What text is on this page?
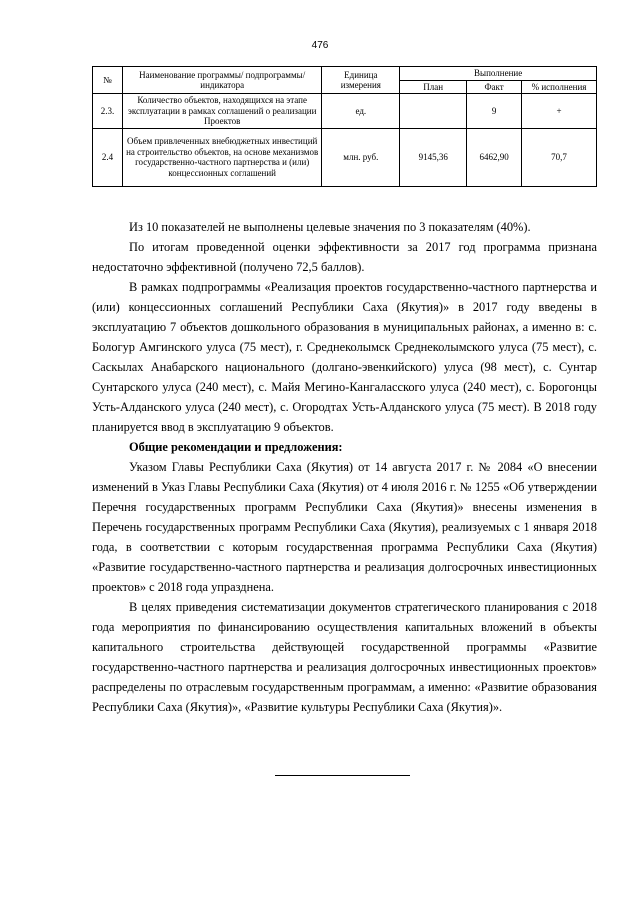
476
№	Наименование программы/ подпрограммы/индикатора	Единица измерения	Выполнение		
			План	Факт	% исполнения
2.3.	Количество объектов, находящихся на этапе эксплуатации в рамках соглашений о реализации Проектов	ед.		9	+
2.4	Объем привлеченных внебюджетных инвестиций на строительство объектов, на основе механизмов государственно-частного партнерства и (или) концессионных соглашений	млн. руб.	9145,36	6462,90	70,7

Из 10 показателей не выполнены целевые значения по 3 показателям (40%).

По итогам проведенной оценки эффективности за 2017 год программа признана недостаточно эффективной (получено 72,5 баллов).

В рамках подпрограммы «Реализация проектов государственно-частного партнерства и (или) концессионных соглашений Республики Саха (Якутия)» в 2017 году введены в эксплуатацию 7 объектов дошкольного образования в муниципальных районах, а именно в: с. Бологур Амгинского улуса (75 мест), г. Среднеколымск Среднеколымского улуса (75 мест), с. Саскылах Анабарского национального (долгано-эвенкийского) улуса (98 мест), с. Сунтар Сунтарского улуса (240 мест), с. Майя Мегино-Кангаласского улуса (240 мест), с. Борогонцы Усть-Алданского улуса (240 мест), с. Огородтах Усть-Алданского улуса (75 мест). В 2018 году планируется ввод в эксплуатацию 9 объектов.

Общие рекомендации и предложения:

Указом Главы Республики Саха (Якутия) от 14 августа 2017 г. № 2084 «О внесении изменений в Указ Главы Республики Саха (Якутия) от 4 июля 2016 г. № 1255 «Об утверждении Перечня государственных программ Республики Саха (Якутия)» внесены изменения в Перечень государственных программ Республики Саха (Якутия), реализуемых с 1 января 2018 года, в соответствии с которым государственная программа Республики Саха (Якутия) «Развитие государственно-частного партнерства и реализация долгосрочных инвестиционных проектов» с 2018 года упразднена.

В целях приведения систематизации документов стратегического планирования с 2018 года мероприятия по финансированию осуществления капитальных вложений в объекты капитального строительства действующей государственной программы «Развитие государственно-частного партнерства и реализация долгосрочных инвестиционных проектов» распределены по отраслевым государственным программам, а именно: «Развитие образования Республики Саха (Якутия)», «Развитие культуры Республики Саха (Якутия)».
